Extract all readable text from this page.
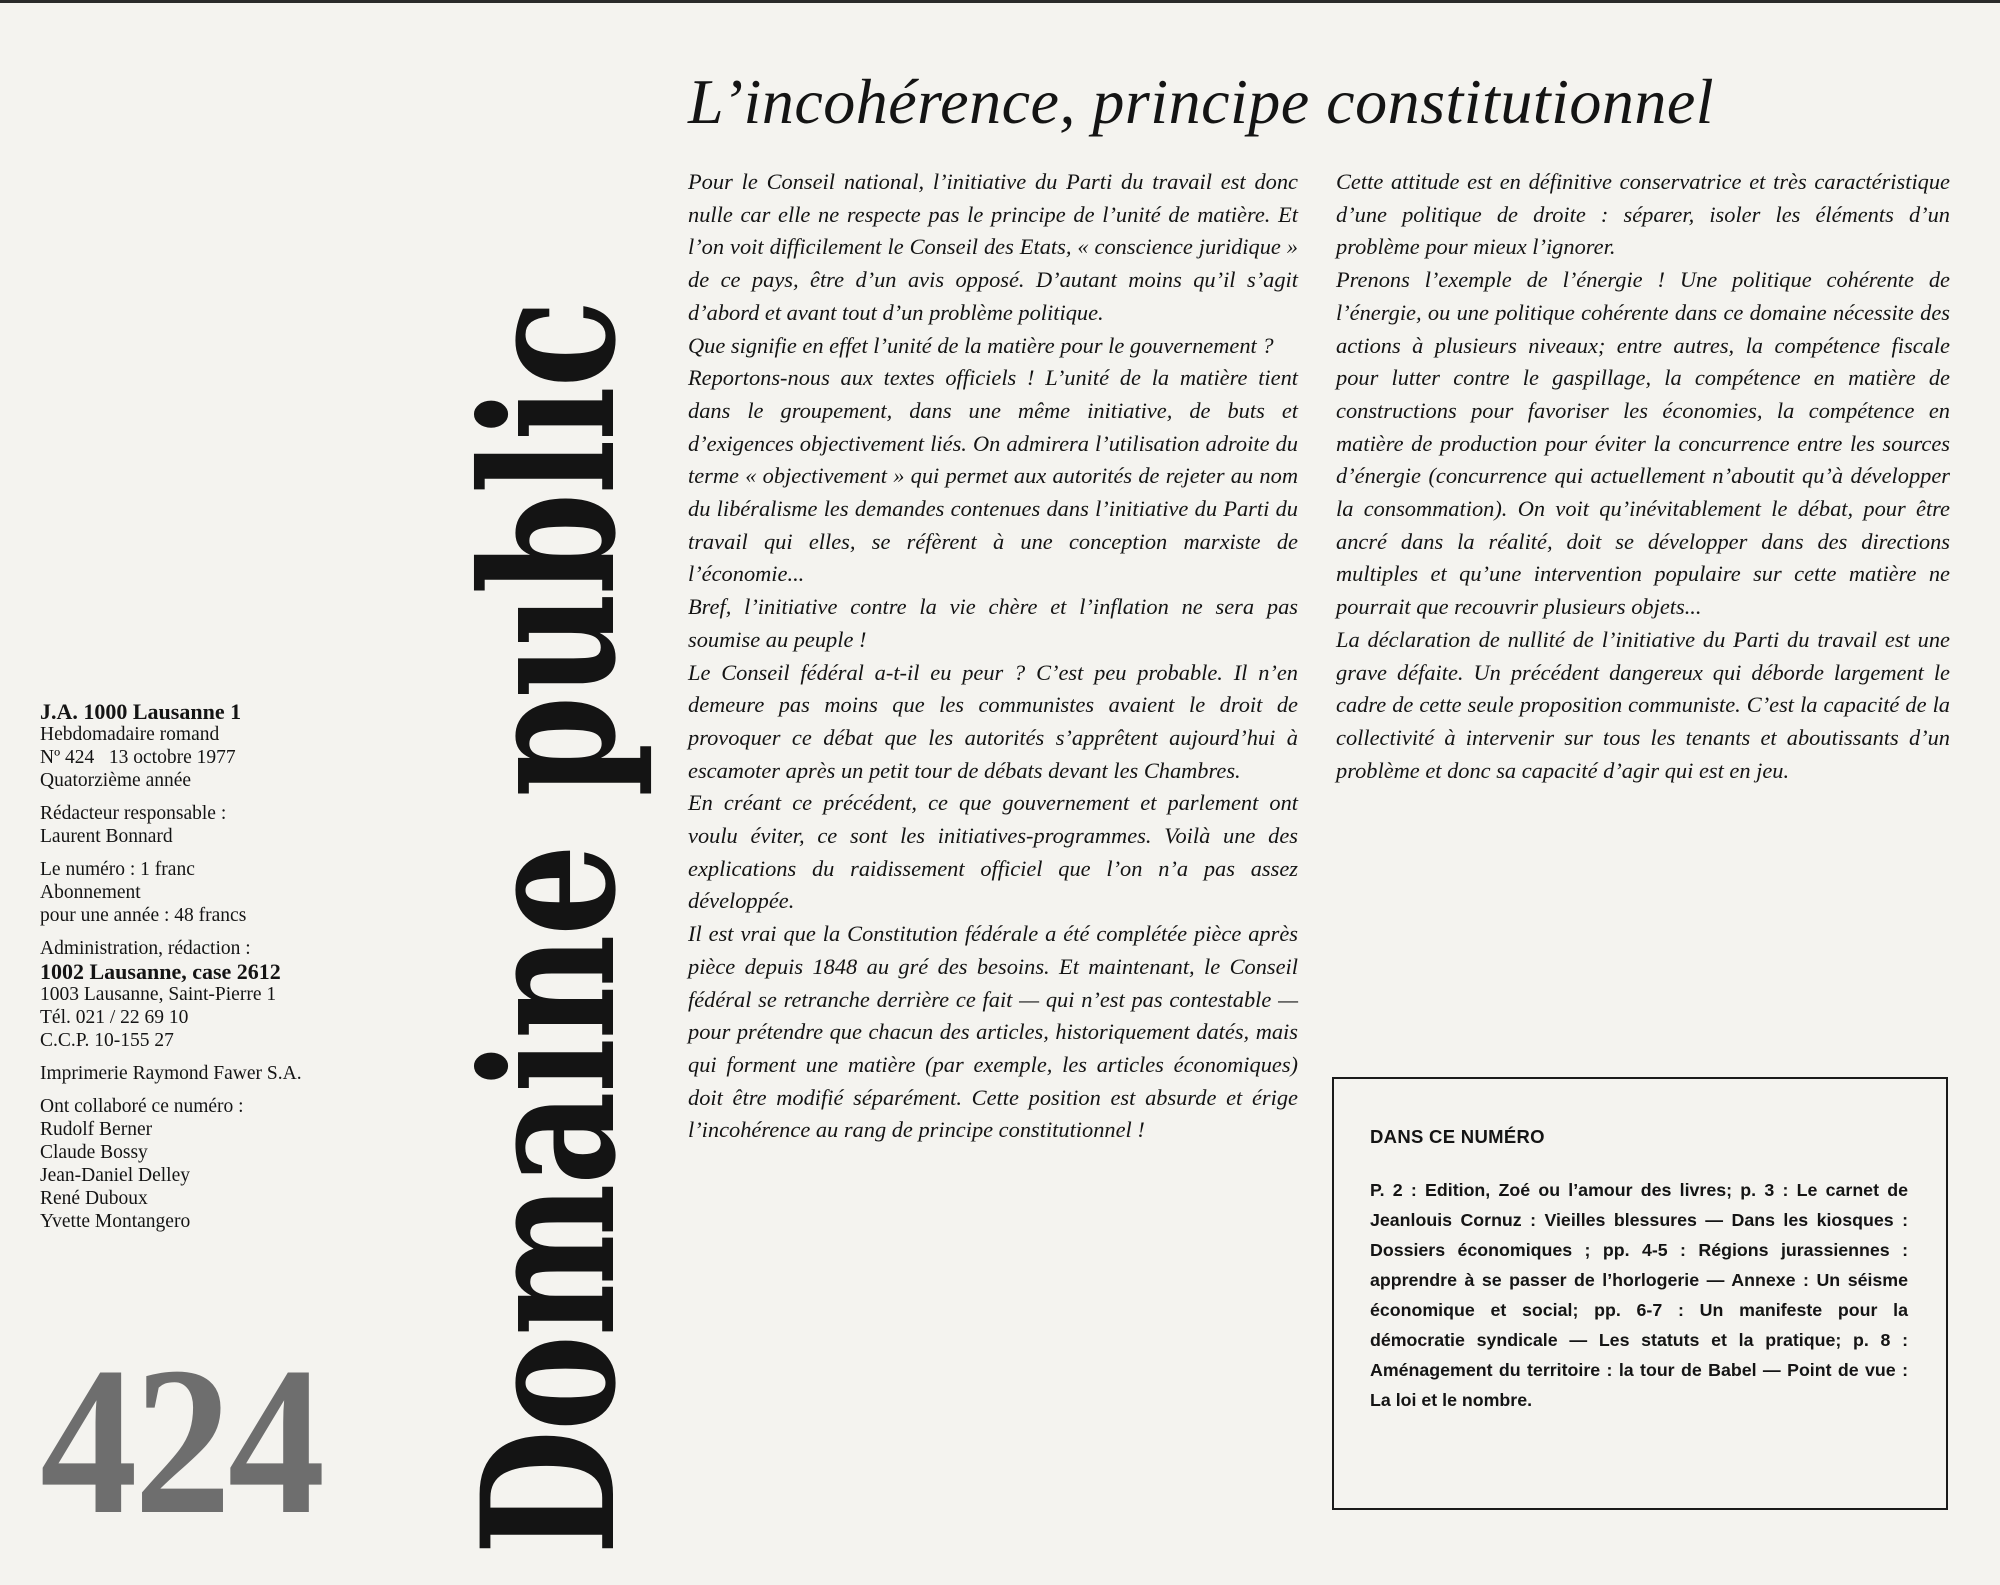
L’incohérence, principe constitutionnel
Domaine public

J.A. 1000 Lausanne 1

Hebdomadaire romand

Nº 424   13 octobre 1977

Quatorzième année

Rédacteur responsable :

Laurent Bonnard

Le numéro : 1 franc

Abonnement

pour une année : 48 francs

Administration, rédaction :

1002 Lausanne, case 2612

1003 Lausanne, Saint-Pierre 1

Tél. 021 / 22 69 10

C.C.P. 10-155 27

Imprimerie Raymond Fawer S.A.

Ont collaboré ce numéro :

Rudolf Berner

Claude Bossy

Jean-Daniel Delley

René Duboux

Yvette Montangero

424

Pour le Conseil national, l’initiative du Parti du travail est donc nulle car elle ne respecte pas le principe de l’unité de matière. Et l’on voit difficilement le Conseil des Etats, « conscience juridique » de ce pays, être d’un avis opposé. D’autant moins qu’il s’agit d’abord et avant tout d’un problème politique.

Que signifie en effet l’unité de la matière pour le gouvernement ?

Reportons-nous aux textes officiels ! L’unité de la matière tient dans le groupement, dans une même initiative, de buts et d’exigences objectivement liés. On admirera l’utilisation adroite du terme « objectivement » qui permet aux autorités de rejeter au nom du libéralisme les demandes contenues dans l’initiative du Parti du travail qui elles, se réfèrent à une conception marxiste de l’économie...

Bref, l’initiative contre la vie chère et l’inflation ne sera pas soumise au peuple !

Le Conseil fédéral a-t-il eu peur ? C’est peu probable. Il n’en demeure pas moins que les communistes avaient le droit de provoquer ce débat que les autorités s’apprêtent aujourd’hui à escamoter après un petit tour de débats devant les Chambres.

En créant ce précédent, ce que gouvernement et parlement ont voulu éviter, ce sont les initiatives-programmes. Voilà une des explications du raidissement officiel que l’on n’a pas assez développée.

Il est vrai que la Constitution fédérale a été complétée pièce après pièce depuis 1848 au gré des besoins. Et maintenant, le Conseil fédéral se retranche derrière ce fait — qui n’est pas contestable — pour prétendre que chacun des articles, historiquement datés, mais qui forment une matière (par exemple, les articles économiques) doit être modifié séparément. Cette position est absurde et érige l’incohérence au rang de principe constitutionnel !

Cette attitude est en définitive conservatrice et très caractéristique d’une politique de droite : séparer, isoler les éléments d’un problème pour mieux l’ignorer.

Prenons l’exemple de l’énergie ! Une politique cohérente de l’énergie, ou une politique cohérente dans ce domaine nécessite des actions à plusieurs niveaux; entre autres, la compétence fiscale pour lutter contre le gaspillage, la compétence en matière de constructions pour favoriser les économies, la compétence en matière de production pour éviter la concurrence entre les sources d’énergie (concurrence qui actuellement n’aboutit qu’à développer la consommation). On voit qu’inévitablement le débat, pour être ancré dans la réalité, doit se développer dans des directions multiples et qu’une intervention populaire sur cette matière ne pourrait que recouvrir plusieurs objets...

La déclaration de nullité de l’initiative du Parti du travail est une grave défaite. Un précédent dangereux qui déborde largement le cadre de cette seule proposition communiste. C’est la capacité de la collectivité à intervenir sur tous les tenants et aboutissants d’un problème et donc sa capacité d’agir qui est en jeu.

DANS CE NUMÉRO
P. 2 : Edition, Zoé ou l’amour des livres; p. 3 : Le carnet de Jeanlouis Cornuz : Vieilles blessures — Dans les kiosques : Dossiers économiques ; pp. 4-5 : Régions jurassiennes : apprendre à se passer de l’horlogerie — Annexe : Un séisme économique et social; pp. 6-7 : Un manifeste pour la démocratie syndicale — Les statuts et la pratique; p. 8 : Aménagement du territoire : la tour de Babel — Point de vue : La loi et le nombre.
